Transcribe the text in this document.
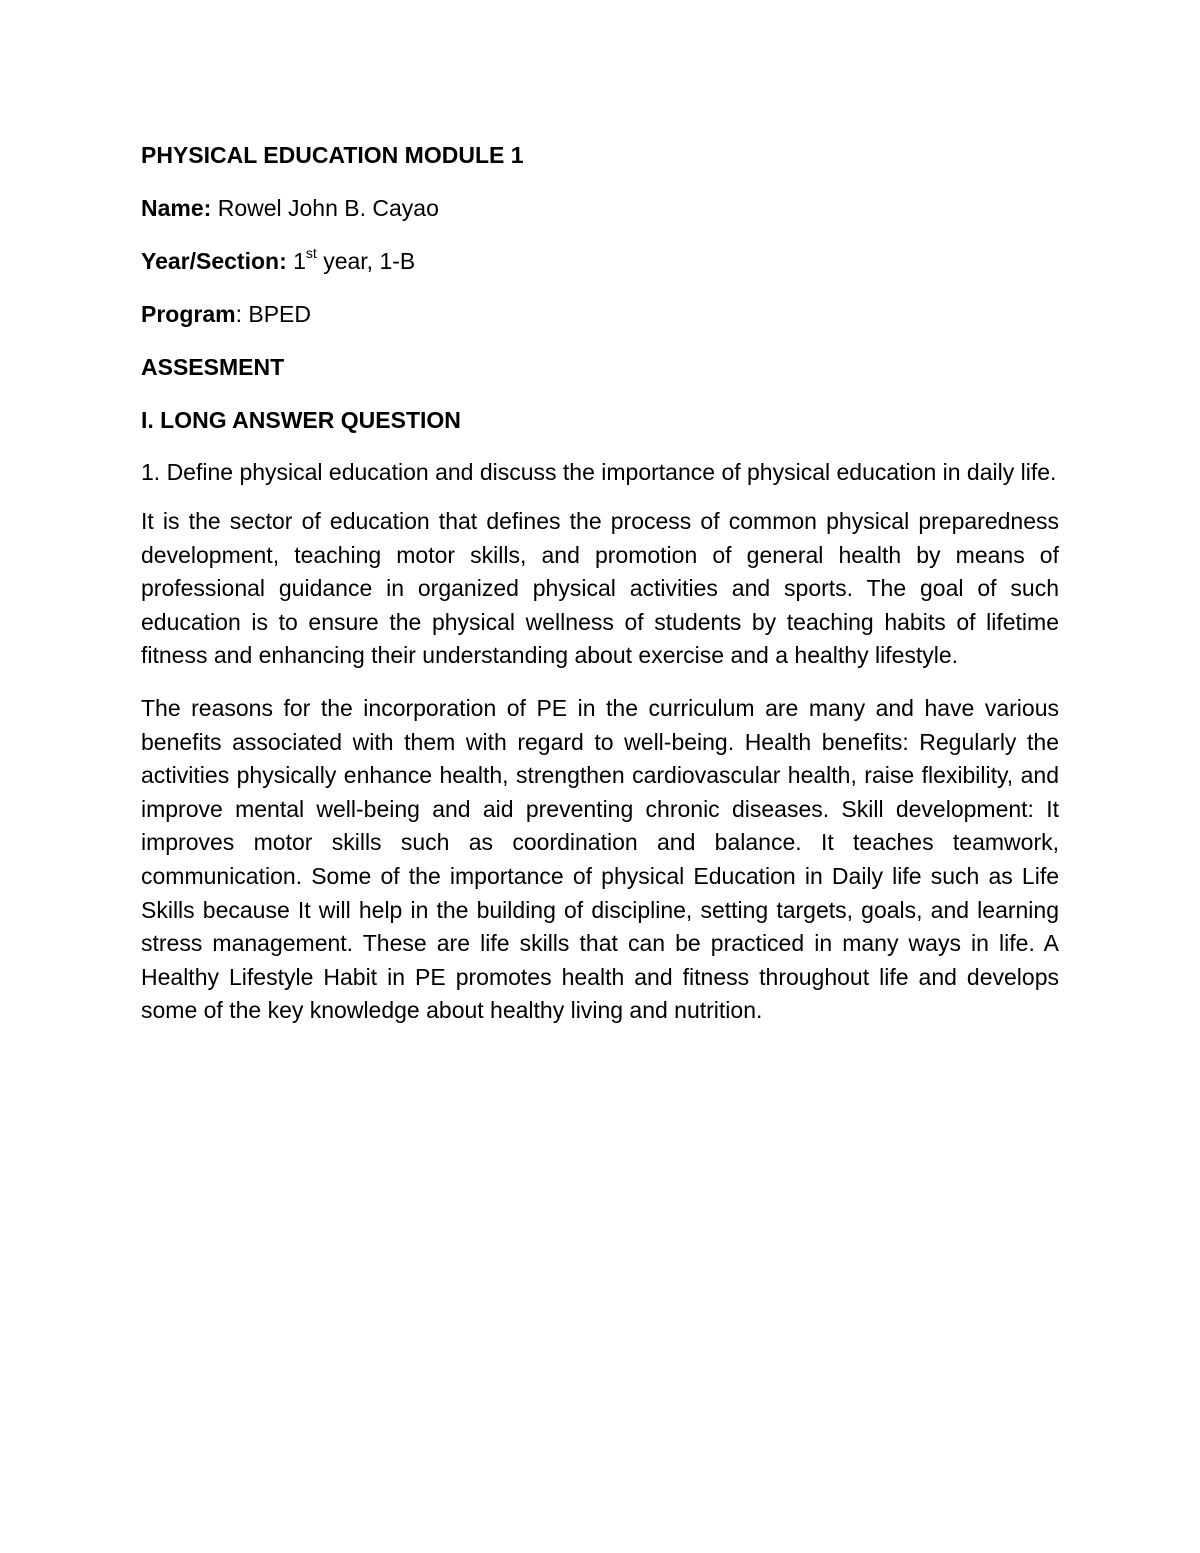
PHYSICAL EDUCATION MODULE 1
Name: Rowel John B. Cayao
Year/Section: 1st year, 1-B
Program: BPED
ASSESMENT
I. LONG ANSWER QUESTION
1. Define physical education and discuss the importance of physical education in daily life.
It is the sector of education that defines the process of common physical preparedness development, teaching motor skills, and promotion of general health by means of professional guidance in organized physical activities and sports. The goal of such education is to ensure the physical wellness of students by teaching habits of lifetime fitness and enhancing their understanding about exercise and a healthy lifestyle.
The reasons for the incorporation of PE in the curriculum are many and have various benefits associated with them with regard to well-being. Health benefits: Regularly the activities physically enhance health, strengthen cardiovascular health, raise flexibility, and improve mental well-being and aid preventing chronic diseases. Skill development: It improves motor skills such as coordination and balance. It teaches teamwork, communication. Some of the importance of physical Education in Daily life such as Life Skills because It will help in the building of discipline, setting targets, goals, and learning stress management. These are life skills that can be practiced in many ways in life. A Healthy Lifestyle Habit in PE promotes health and fitness throughout life and develops some of the key knowledge about healthy living and nutrition.
